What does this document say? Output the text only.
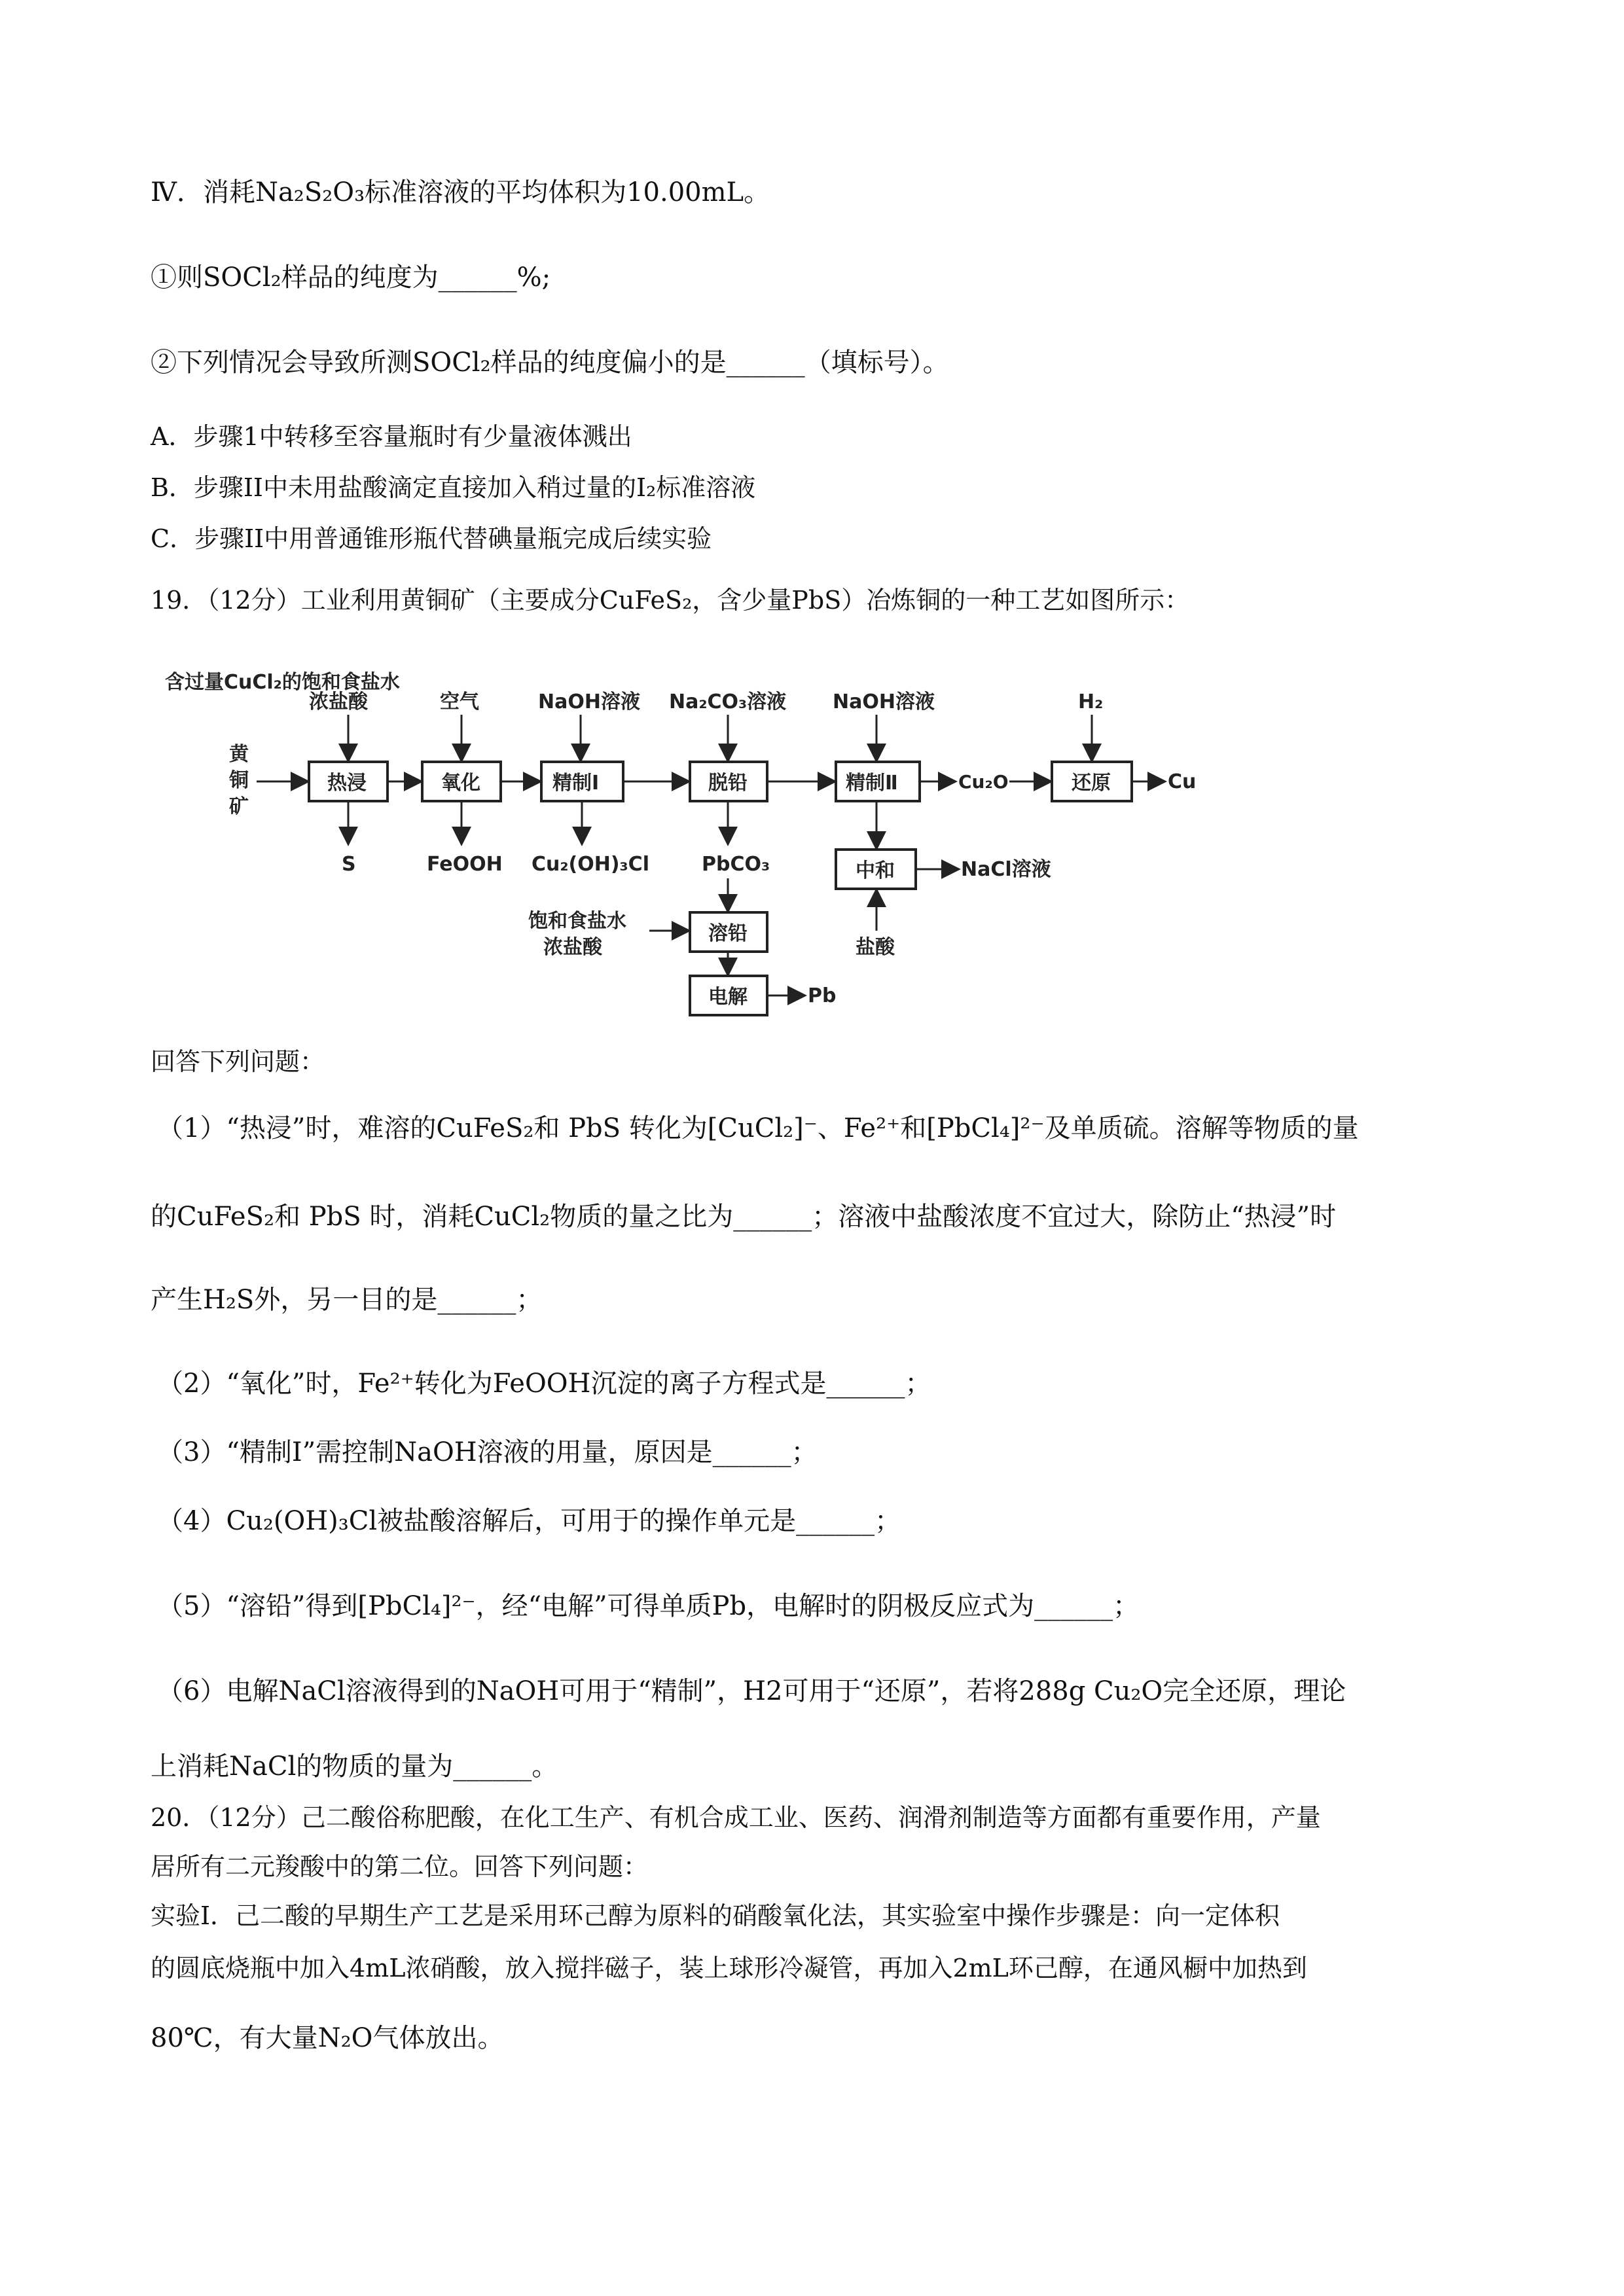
Ⅳ．消耗Na₂S₂O₃标准溶液的平均体积为10.00mL。
①则SOCl₂样品的纯度为______%;
②下列情况会导致所测SOCl₂样品的纯度偏小的是______（填标号）。
A．步骤1中转移至容量瓶时有少量液体溅出
B．步骤II中未用盐酸滴定直接加入稍过量的I₂标准溶液
C．步骤II中用普通锥形瓶代替碘量瓶完成后续实验
19．（12分）工业利用黄铜矿（主要成分CuFeS₂，含少量PbS）冶炼铜的一种工艺如图所示：
含过量CuCl₂的饱和食盐水
黄
铜
矿
浓盐酸	空气	NaOH溶液 Na₂CO₃溶液 NaOH溶液	H₂
热浸	氧化	精制Ⅰ	脱铅	精制Ⅱ	还原
Cu₂O	Cu
S	FeOOH Cu₂(OH)₃Cl	PbCO₃	中和	NaCl溶液
盐酸
溶铅
饱和食盐水
浓盐酸
电解	Pb
回答下列问题：
（1）“热浸”时，难溶的CuFeS₂和 PbS 转化为[CuCl₂]⁻、Fe²⁺和[PbCl₄]²⁻及单质硫。溶解等物质的量
的CuFeS₂和 PbS 时，消耗CuCl₂物质的量之比为______；溶液中盐酸浓度不宜过大，除防止“热浸”时
产生H₂S外，另一目的是______；
（2）“氧化”时，Fe²⁺转化为FeOOH沉淀的离子方程式是______；
（3）“精制Ⅰ”需控制NaOH溶液的用量，原因是______；
（4）Cu₂(OH)₃Cl被盐酸溶解后，可用于的操作单元是______；
（5）“溶铅”得到[PbCl₄]²⁻，经“电解”可得单质Pb，电解时的阴极反应式为______；
（6）电解NaCl溶液得到的NaOH可用于“精制”，H2可用于“还原”，若将288g Cu₂O完全还原，理论
上消耗NaCl的物质的量为______。
20．（12分）己二酸俗称肥酸，在化工生产、有机合成工业、医药、润滑剂制造等方面都有重要作用，产量
居所有二元羧酸中的第二位。回答下列问题：
实验Ⅰ．己二酸的早期生产工艺是采用环己醇为原料的硝酸氧化法，其实验室中操作步骤是：向一定体积
的圆底烧瓶中加入4mL浓硝酸，放入搅拌磁子，装上球形冷凝管，再加入2mL环己醇，在通风橱中加热到
80℃，有大量N₂O气体放出。
